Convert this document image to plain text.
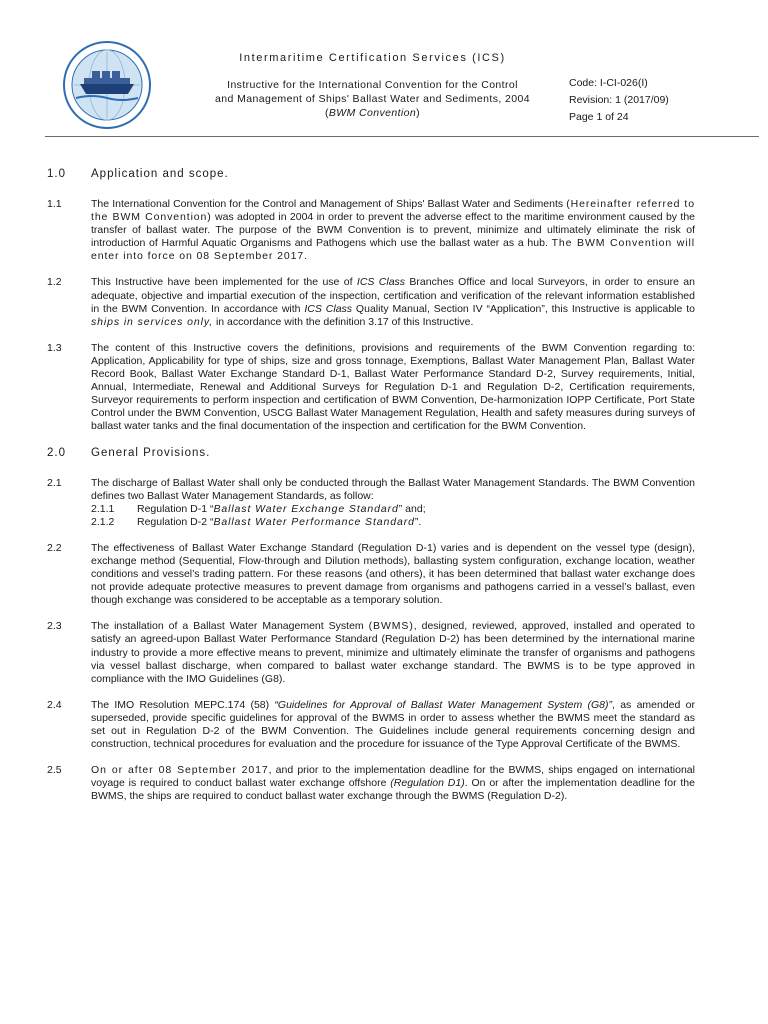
Intermaritime Certification Services (ICS)
Instructive for the International Convention for the Control
and Management of Ships' Ballast Water and Sediments, 2004
(BWM Convention)
Code: I-CI-026(I)
Revision: 1 (2017/09)
Page 1 of 24
1.0 Application and scope.
1.1	The International Convention for the Control and Management of Ships' Ballast Water and Sediments (Hereinafter referred to the BWM Convention) was adopted in 2004 in order to prevent the adverse effect to the maritime environment caused by the transfer of ballast water. The purpose of the BWM Convention is to prevent, minimize and ultimately eliminate the risk of introduction of Harmful Aquatic Organisms and Pathogens which use the ballast water as a hub. The BWM Convention will enter into force on 08 September 2017.
1.2	This Instructive have been implemented for the use of ICS Class Branches Office and local Surveyors, in order to ensure an adequate, objective and impartial execution of the inspection, certification and verification of the relevant information established in the BWM Convention. In accordance with ICS Class Quality Manual, Section IV “Application”, this Instructive is applicable to ships in services only, in accordance with the definition 3.17 of this Instructive.
1.3	The content of this Instructive covers the definitions, provisions and requirements of the BWM Convention regarding to: Application, Applicability for type of ships, size and gross tonnage, Exemptions, Ballast Water Management Plan, Ballast Water Record Book, Ballast Water Exchange Standard D-1, Ballast Water Performance Standard D-2, Survey requirements, Initial, Annual, Intermediate, Renewal and Additional Surveys for Regulation D-1 and Regulation D-2, Certification requirements, Surveyor requirements to perform inspection and certification of BWM Convention, De-harmonization IOPP Certificate, Port State Control under the BWM Convention, USCG Ballast Water Management Regulation, Health and safety measures during surveys of ballast water tanks and the final documentation of the inspection and certification for the BWM Convention.
2.0 General Provisions.
2.1	The discharge of Ballast Water shall only be conducted through the Ballast Water Management Standards. The BWM Convention defines two Ballast Water Management Standards, as follow:
2.1.1	Regulation D-1 “Ballast Water Exchange Standard” and;
2.1.2	Regulation D-2 “Ballast Water Performance Standard”.
2.2	The effectiveness of Ballast Water Exchange Standard (Regulation D-1) varies and is dependent on the vessel type (design), exchange method (Sequential, Flow-through and Dilution methods), ballasting system configuration, exchange location, weather conditions and vessel’s trading pattern. For these reasons (and others), it has been determined that ballast water exchange does not provide adequate protective measures to prevent damage from organisms and pathogens carried in a vessel’s ballast, even though exchange was considered to be acceptable as a temporary solution.
2.3	The installation of a Ballast Water Management System (BWMS), designed, reviewed, approved, installed and operated to satisfy an agreed-upon Ballast Water Performance Standard (Regulation D-2) has been determined by the international marine industry to provide a more effective means to prevent, minimize and ultimately eliminate the transfer of organisms and pathogens via vessel ballast discharge, when compared to ballast water exchange standard. The BWMS is to be type approved in compliance with the IMO Guidelines (G8).
2.4	The IMO Resolution MEPC.174 (58) “Guidelines for Approval of Ballast Water Management System (G8)”, as amended or superseded, provide specific guidelines for approval of the BWMS in order to assess whether the BWMS meet the standard as set out in Regulation D-2 of the BWM Convention. The Guidelines include general requirements concerning design and construction, technical procedures for evaluation and the procedure for issuance of the Type Approval Certificate of the BWMS.
2.5	On or after 08 September 2017, and prior to the implementation deadline for the BWMS, ships engaged on international voyage is required to conduct ballast water exchange offshore (Regulation D1). On or after the implementation deadline for the BWMS, the ships are required to conduct ballast water exchange through the BWMS (Regulation D-2).
